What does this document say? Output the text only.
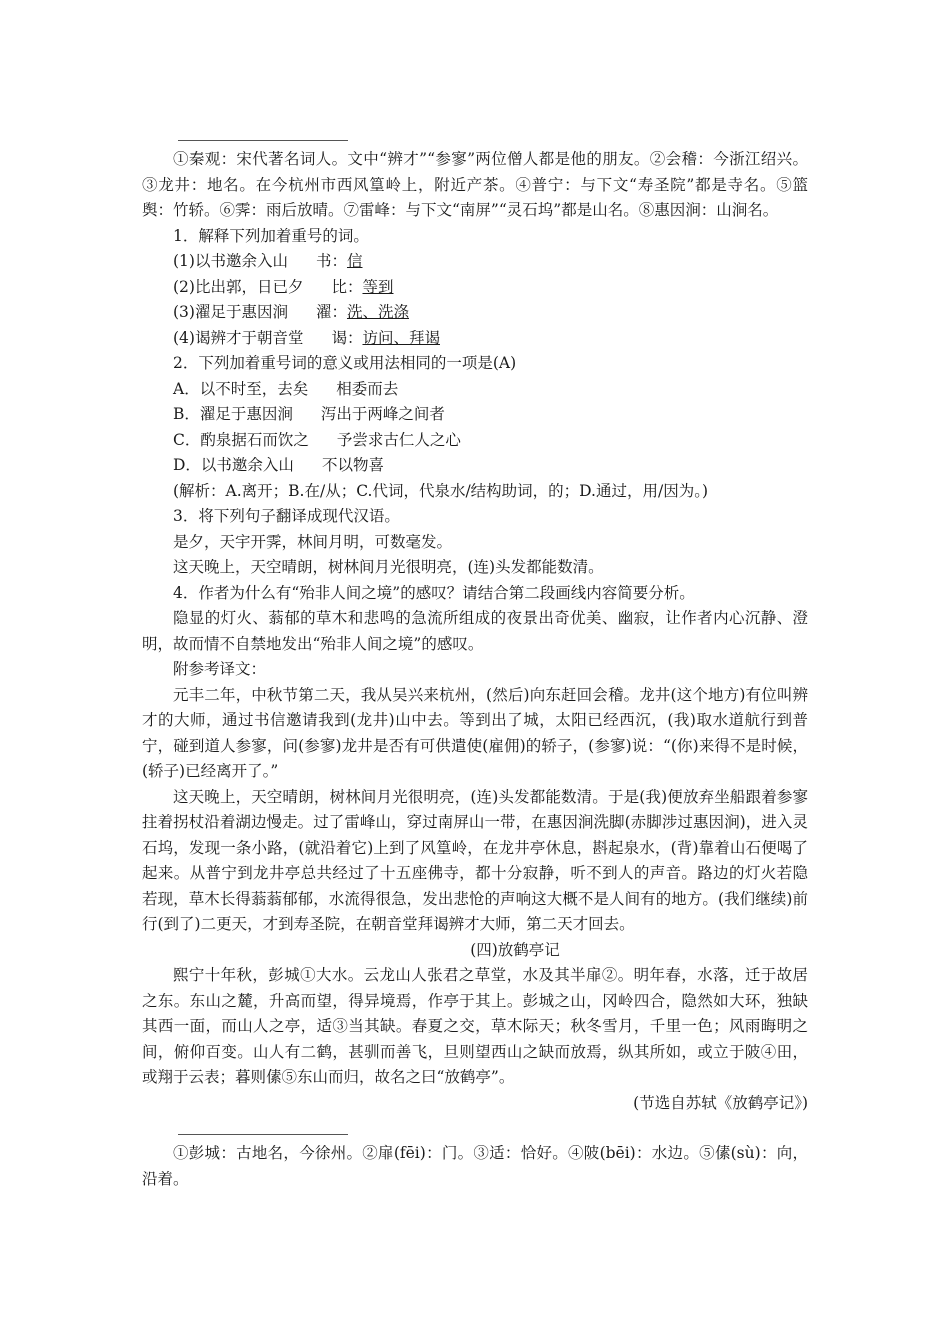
①秦观：宋代著名词人。文中“辨才”“参寥”两位僧人都是他的朋友。②会稽：今浙江绍兴。③龙井：地名。在今杭州市西风篁岭上，附近产茶。④普宁：与下文“寿圣院”都是寺名。⑤篮舆：竹轿。⑥霁：雨后放晴。⑦雷峰：与下文“南屏”“灵石坞”都是山名。⑧惠因涧：山涧名。

1．解释下列加着重号的词。

(1)以书邀余入山 书：信

(2)比出郭，日已夕 比：等到

(3)濯足于惠因涧 濯：洗、洗涤

(4)谒辨才于朝音堂 谒：访问、拜谒

2．下列加着重号词的意义或用法相同的一项是(A)

A．以不时至，去矣 相委而去

B．濯足于惠因涧 泻出于两峰之间者

C．酌泉据石而饮之 予尝求古仁人之心

D．以书邀余入山 不以物喜

(解析：A.离开；B.在/从；C.代词，代泉水/结构助词，的；D.通过，用/因为。)

3．将下列句子翻译成现代汉语。

是夕，天宇开霁，林间月明，可数毫发。

这天晚上，天空晴朗，树林间月光很明亮，(连)头发都能数清。

4．作者为什么有“殆非人间之境”的感叹？请结合第二段画线内容简要分析。

隐显的灯火、蓊郁的草木和悲鸣的急流所组成的夜景出奇优美、幽寂，让作者内心沉静、澄明，故而情不自禁地发出“殆非人间之境”的感叹。

附参考译文：

元丰二年，中秋节第二天，我从吴兴来杭州，(然后)向东赶回会稽。龙井(这个地方)有位叫辨才的大师，通过书信邀请我到(龙井)山中去。等到出了城，太阳已经西沉，(我)取水道航行到普宁，碰到道人参寥，问(参寥)龙井是否有可供遣使(雇佣)的轿子，(参寥)说：“(你)来得不是时候，(轿子)已经离开了。”

这天晚上，天空晴朗，树林间月光很明亮，(连)头发都能数清。于是(我)便放弃坐船跟着参寥拄着拐杖沿着湖边慢走。过了雷峰山，穿过南屏山一带，在惠因涧洗脚(赤脚涉过惠因涧)，进入灵石坞，发现一条小路，(就沿着它)上到了风篁岭，在龙井亭休息，斟起泉水，(背)靠着山石便喝了起来。从普宁到龙井亭总共经过了十五座佛寺，都十分寂静，听不到人的声音。路边的灯火若隐若现，草木长得蓊蓊郁郁，水流得很急，发出悲怆的声响这大概不是人间有的地方。(我们继续)前行(到了)二更天，才到寿圣院，在朝音堂拜谒辨才大师，第二天才回去。

(四)放鹤亭记

熙宁十年秋，彭城①大水。云龙山人张君之草堂，水及其半扉②。明年春，水落，迁于故居之东。东山之麓，升高而望，得异境焉，作亭于其上。彭城之山，冈岭四合，隐然如大环，独缺其西一面，而山人之亭，适③当其缺。春夏之交，草木际天；秋冬雪月，千里一色；风雨晦明之间，俯仰百变。山人有二鹤，甚驯而善飞，旦则望西山之缺而放焉，纵其所如，或立于陂④田，或翔于云表；暮则傃⑤东山而归，故名之曰“放鹤亭”。

(节选自苏轼《放鹤亭记》)

①彭城：古地名，今徐州。②扉(fēi)：门。③适：恰好。④陂(bēi)：水边。⑤傃(sù)：向，沿着。
